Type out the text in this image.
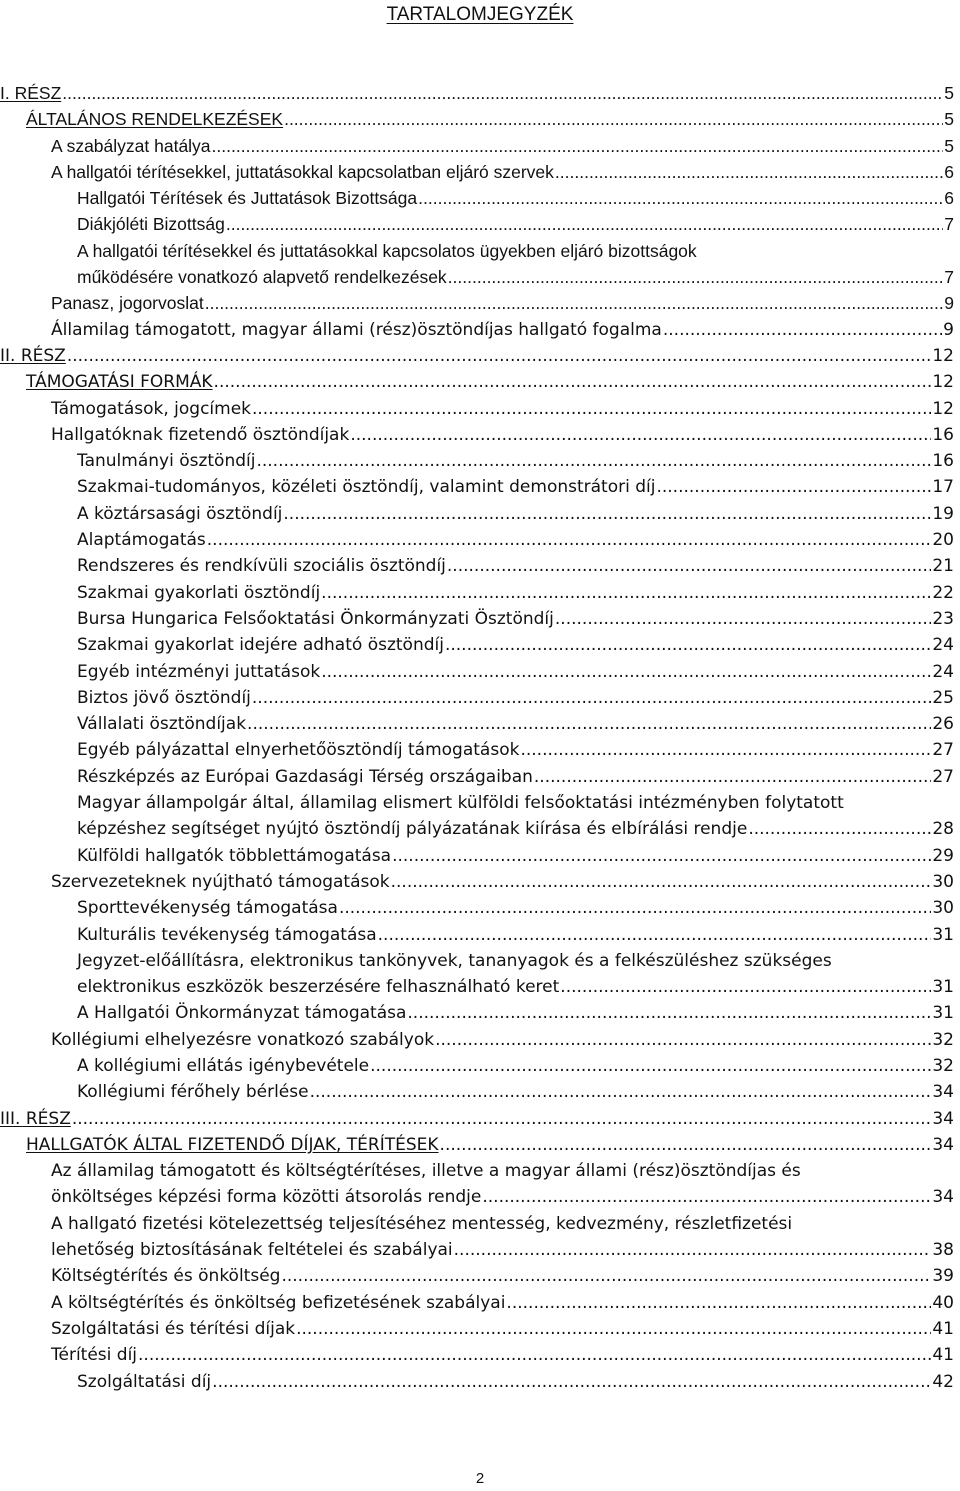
TARTALOMJEGYZÉK
I. RÉSZ .....	5
ÁLTALÁNOS RENDELKEZÉSEK .....	5
A szabályzat hatálya .....	5
A hallgatói térítésekkel, juttatásokkal kapcsolatban eljáró szervek .....	6
Hallgatói Térítések és Juttatások Bizottsága .....	6
Diákjóléti Bizottság .....	7
A hallgatói térítésekkel és juttatásokkal kapcsolatos ügyekben eljáró bizottságok
működésére vonatkozó alapvető rendelkezések .....	7
Panasz, jogorvoslat .....	9
Államilag támogatott, magyar állami (rész)ösztöndíjas hallgató fogalma .....	9
II. RÉSZ .....	12
TÁMOGATÁSI FORMÁK .....	12
Támogatások, jogcímek .....	12
Hallgatóknak fizetendő ösztöndíjak .....	16
Tanulmányi ösztöndíj .....	16
Szakmai-tudományos, közéleti ösztöndíj, valamint demonstrátori díj .....	17
A köztársasági ösztöndíj .....	19
Alaptámogatás .....	20
Rendszeres és rendkívüli szociális ösztöndíj .....	21
Szakmai gyakorlati ösztöndíj .....	22
Bursa Hungarica Felsőoktatási Önkormányzati Ösztöndíj .....	23
Szakmai gyakorlat idejére adható ösztöndíj .....	24
Egyéb intézményi juttatások .....	24
Biztos jövő ösztöndíj .....	25
Vállalati ösztöndíjak .....	26
Egyéb pályázattal elnyerhetőösztöndíj támogatások .....	27
Részképzés az Európai Gazdasági Térség országaiban .....	27
Magyar állampolgár által, államilag elismert külföldi felsőoktatási intézményben folytatott
képzéshez segítséget nyújtó ösztöndíj pályázatának kiírása és elbírálási rendje .....	28
Külföldi hallgatók többlettámogatása .....	29
Szervezeteknek nyújtható támogatások .....	30
Sporttevékenység támogatása .....	30
Kulturális tevékenység támogatása .....	31
Jegyzet-előállításra, elektronikus tankönyvek, tananyagok és a felkészüléshez szükséges
elektronikus eszközök beszerzésére felhasználható keret .....	31
A Hallgatói Önkormányzat támogatása .....	31
Kollégiumi elhelyezésre vonatkozó szabályok .....	32
A kollégiumi ellátás igénybevétele .....	32
Kollégiumi férőhely bérlése .....	34
III. RÉSZ .....	34
HALLGATÓK ÁLTAL FIZETENDŐ DÍJAK, TÉRÍTÉSEK .....	34
Az államilag támogatott és költségtérítéses, illetve a magyar állami (rész)ösztöndíjas és
önköltséges képzési forma közötti átsorolás rendje .....	34
A hallgató fizetési kötelezettség teljesítéséhez mentesség, kedvezmény, részletfizetési
lehetőség biztosításának feltételei és szabályai .....	38
Költségtérítés és önköltség .....	39
A költségtérítés és önköltség befizetésének szabályai .....	40
Szolgáltatási és térítési díjak .....	41
Térítési díj .....	41
Szolgáltatási díj .....	42
2
